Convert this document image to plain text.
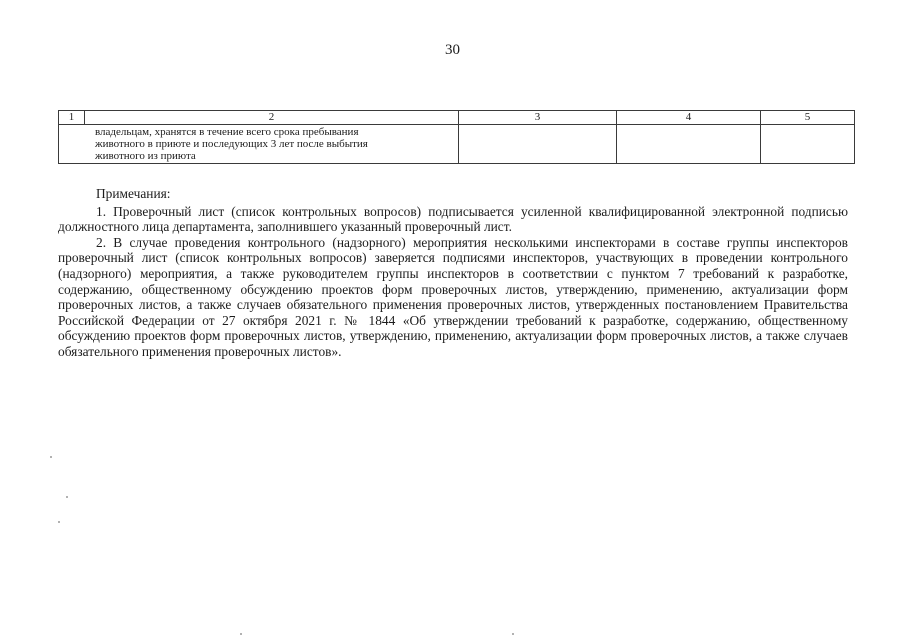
30
1	2	3	4	5

владельцам, хранятся в течение всего срока пребывания
животного в приюте и последующих 3 лет после выбытия
животного из приюта				

Примечания:

1. Проверочный лист (список контрольных вопросов) подписывается усиленной квалифицированной электронной подписью должностного лица департамента, заполнившего указанный проверочный лист.

2. В случае проведения контрольного (надзорного) мероприятия несколькими инспекторами в составе группы инспекторов проверочный лист (список контрольных вопросов) заверяется подписями инспекторов, участвующих в проведении контрольного (надзорного) мероприятия, а также руководителем группы инспекторов в соответствии с пунктом 7 требований к разработке, содержанию, общественному обсуждению проектов форм проверочных листов, утверждению, применению, актуализации форм проверочных листов, а также случаев обязательного применения проверочных листов, утвержденных постановлением Правительства Российской Федерации от 27 октября 2021 г. № 1844 «Об утверждении требований к разработке, содержанию, общественному обсуждению проектов форм проверочных листов, утверждению, применению, актуализации форм проверочных листов, а также случаев обязательного применения проверочных листов».
